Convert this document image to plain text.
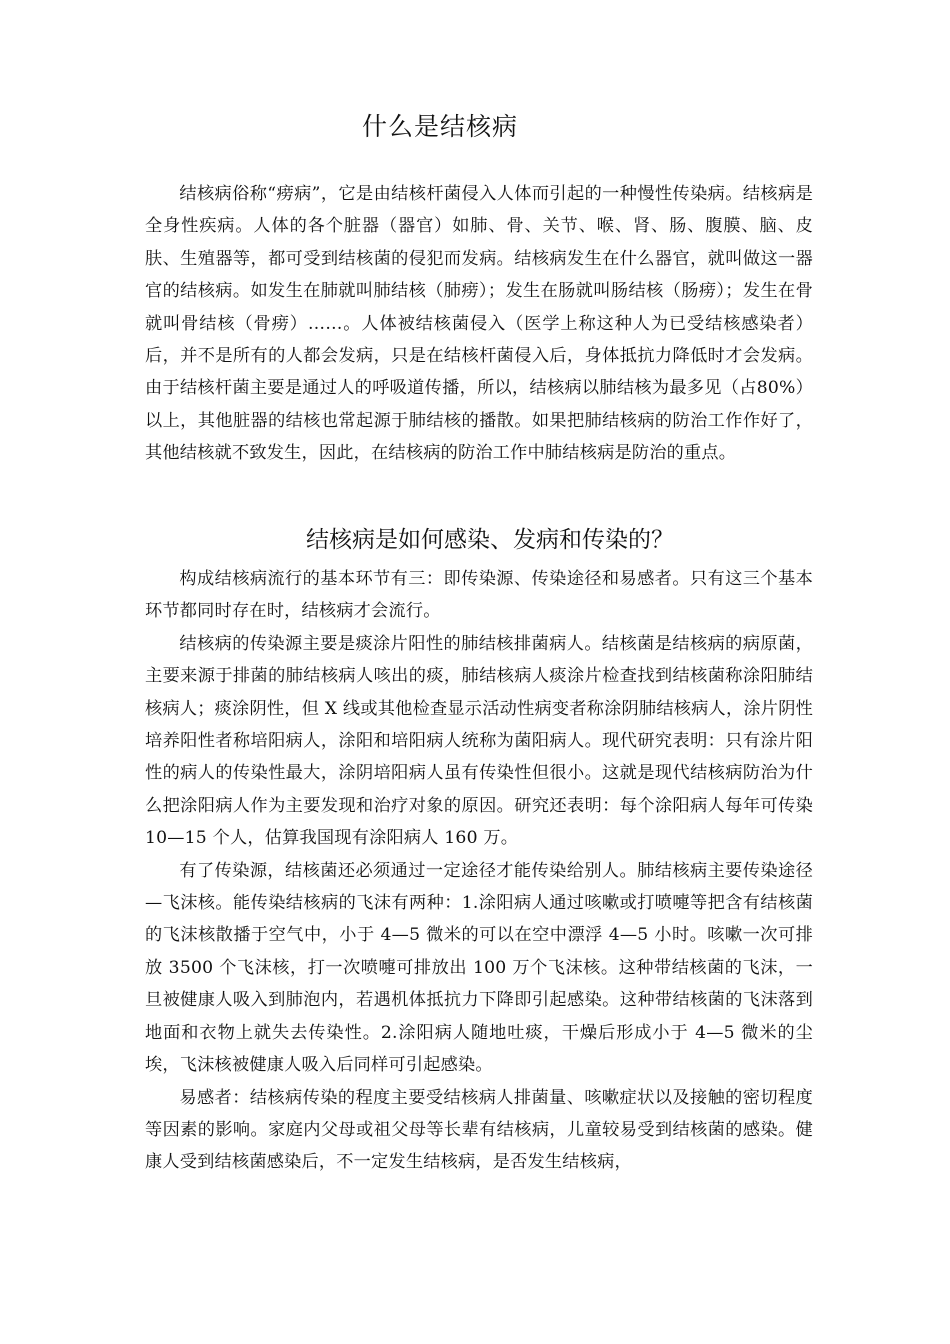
什么是结核病

结核病俗称“痨病”，它是由结核杆菌侵入人体而引起的一种慢性传染病。结核病是全身性疾病。人体的各个脏器（器官）如肺、骨、关节、喉、肾、肠、腹膜、脑、皮肤、生殖器等，都可受到结核菌的侵犯而发病。结核病发生在什么器官，就叫做这一器官的结核病。如发生在肺就叫肺结核（肺痨）；发生在肠就叫肠结核（肠痨）；发生在骨就叫骨结核（骨痨）……。人体被结核菌侵入（医学上称这种人为已受结核感染者）后，并不是所有的人都会发病，只是在结核杆菌侵入后，身体抵抗力降低时才会发病。由于结核杆菌主要是通过人的呼吸道传播，所以，结核病以肺结核为最多见（占80%）以上，其他脏器的结核也常起源于肺结核的播散。如果把肺结核病的防治工作作好了，其他结核就不致发生，因此，在结核病的防治工作中肺结核病是防治的重点。

结核病是如何感染、发病和传染的？

构成结核病流行的基本环节有三：即传染源、传染途径和易感者。只有这三个基本环节都同时存在时，结核病才会流行。

结核病的传染源主要是痰涂片阳性的肺结核排菌病人。结核菌是结核病的病原菌，主要来源于排菌的肺结核病人咳出的痰，肺结核病人痰涂片检查找到结核菌称涂阳肺结核病人；痰涂阴性，但 X 线或其他检查显示活动性病变者称涂阴肺结核病人，涂片阴性培养阳性者称培阳病人，涂阳和培阳病人统称为菌阳病人。现代研究表明：只有涂片阳性的病人的传染性最大，涂阴培阳病人虽有传染性但很小。这就是现代结核病防治为什么把涂阳病人作为主要发现和治疗对象的原因。研究还表明：每个涂阳病人每年可传染 10—15 个人，估算我国现有涂阳病人 160 万。

有了传染源，结核菌还必须通过一定途径才能传染给别人。肺结核病主要传染途径—飞沫核。能传染结核病的飞沫有两种：1.涂阳病人通过咳嗽或打喷嚏等把含有结核菌的飞沫核散播于空气中，小于 4—5 微米的可以在空中漂浮 4—5 小时。咳嗽一次可排放 3500 个飞沫核，打一次喷嚏可排放出 100 万个飞沫核。这种带结核菌的飞沫，一旦被健康人吸入到肺泡内，若遇机体抵抗力下降即引起感染。这种带结核菌的飞沫落到地面和衣物上就失去传染性。2.涂阳病人随地吐痰，干燥后形成小于 4—5 微米的尘埃，飞沫核被健康人吸入后同样可引起感染。

易感者：结核病传染的程度主要受结核病人排菌量、咳嗽症状以及接触的密切程度等因素的影响。家庭内父母或祖父母等长辈有结核病，儿童较易受到结核菌的感染。健康人受到结核菌感染后，不一定发生结核病，是否发生结核病，
